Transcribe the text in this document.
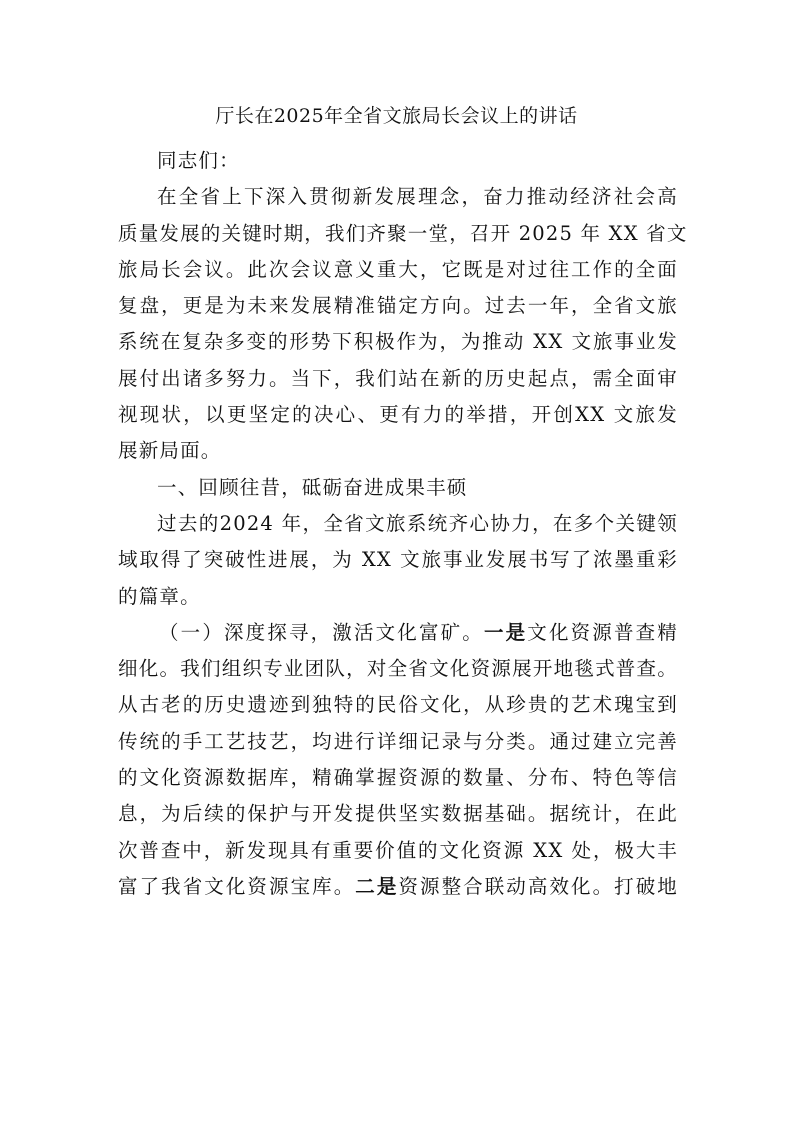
厅长在2025年全省文旅局长会议上的讲话
同志们：
在全省上下深入贯彻新发展理念，奋力推动经济社会高
质量发展的关键时期，我们齐聚一堂，召开 2025 年 XX 省文
旅局长会议。此次会议意义重大，它既是对过往工作的全面
复盘，更是为未来发展精准锚定方向。过去一年，全省文旅
系统在复杂多变的形势下积极作为，为推动 XX 文旅事业发
展付出诸多努力。当下，我们站在新的历史起点，需全面审
视现状，以更坚定的决心、更有力的举措，开创XX 文旅发
展新局面。
一、回顾往昔，砥砺奋进成果丰硕
过去的2024 年，全省文旅系统齐心协力，在多个关键领
域取得了突破性进展，为 XX 文旅事业发展书写了浓墨重彩
的篇章。
（一）深度探寻，激活文化富矿。一是文化资源普查精
细化。我们组织专业团队，对全省文化资源展开地毯式普查。
从古老的历史遗迹到独特的民俗文化，从珍贵的艺术瑰宝到
传统的手工艺技艺，均进行详细记录与分类。通过建立完善
的文化资源数据库，精确掌握资源的数量、分布、特色等信
息，为后续的保护与开发提供坚实数据基础。据统计，在此
次普查中，新发现具有重要价值的文化资源 XX 处，极大丰
富了我省文化资源宝库。二是资源整合联动高效化。打破地
